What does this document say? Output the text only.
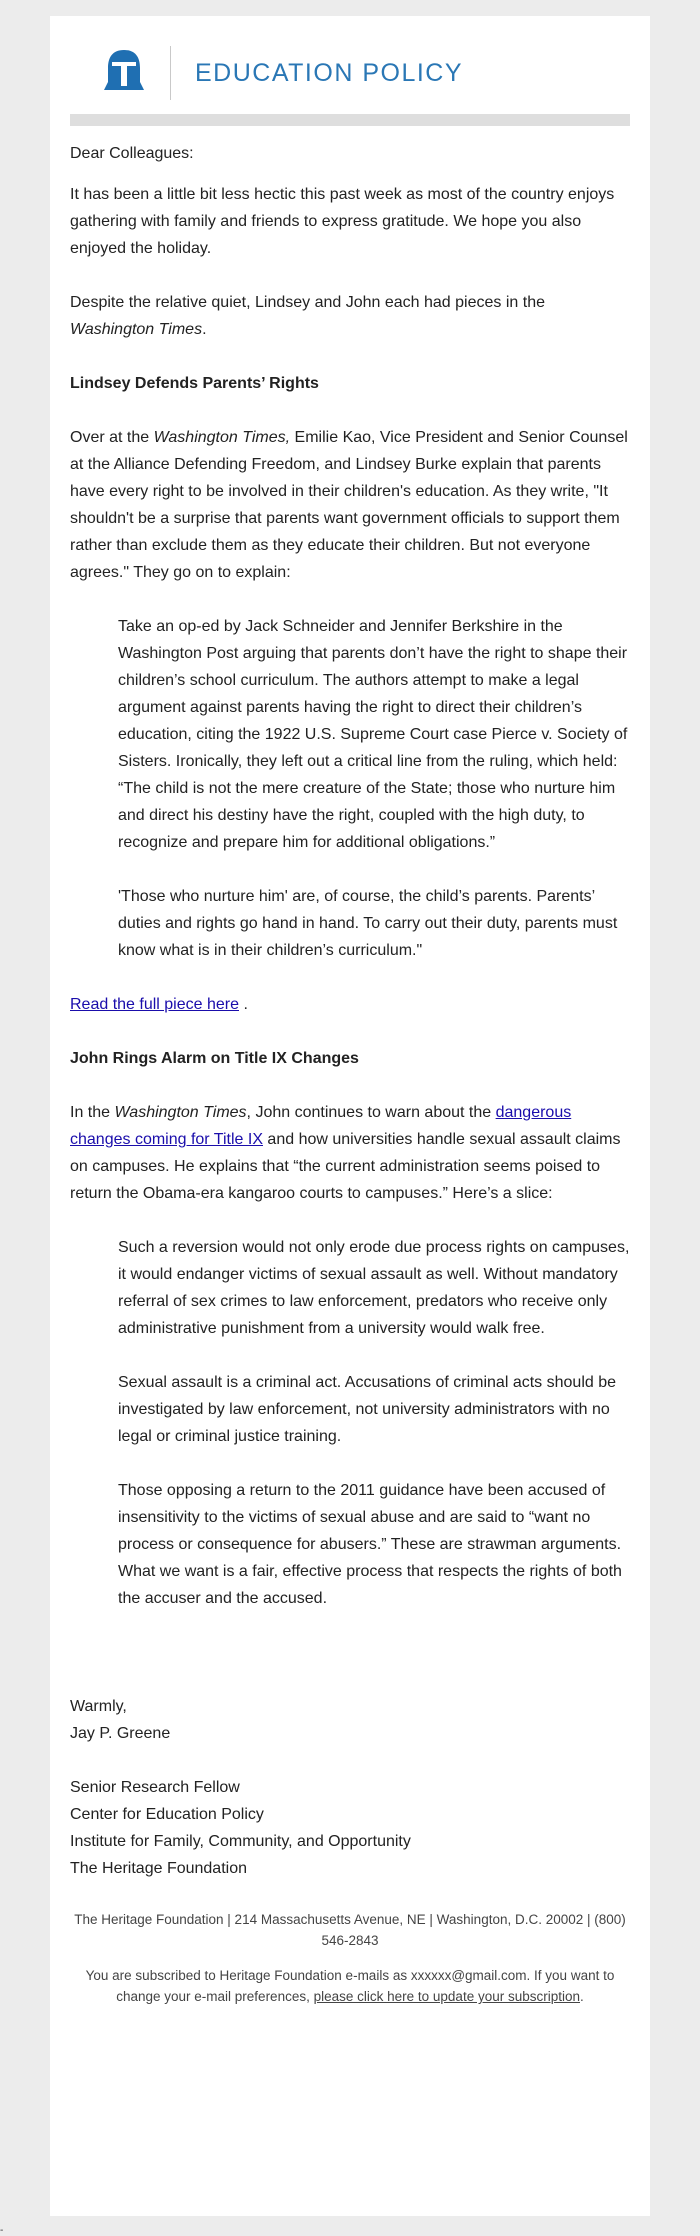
EDUCATION POLICY

Dear Colleagues:

It has been a little bit less hectic this past week as most of the country enjoys gathering with family and friends to express gratitude. We hope you also enjoyed the holiday.

Despite the relative quiet, Lindsey and John each had pieces in the Washington Times.

Lindsey Defends Parents’ Rights

Over at the Washington Times, Emilie Kao, Vice President and Senior Counsel at the Alliance Defending Freedom, and Lindsey Burke explain that parents have every right to be involved in their children's education. As they write, "It shouldn't be a surprise that parents want government officials to support them rather than exclude them as they educate their children. But not everyone agrees." They go on to explain:

Take an op-ed by Jack Schneider and Jennifer Berkshire in the Washington Post arguing that parents don’t have the right to shape their children’s school curriculum. The authors attempt to make a legal argument against parents having the right to direct their children’s education, citing the 1922 U.S. Supreme Court case Pierce v. Society of Sisters. Ironically, they left out a critical line from the ruling, which held: “The child is not the mere creature of the State; those who nurture him and direct his destiny have the right, coupled with the high duty, to recognize and prepare him for additional obligations.”

'Those who nurture him' are, of course, the child’s parents. Parents’ duties and rights go hand in hand. To carry out their duty, parents must know what is in their children’s curriculum."

Read the full piece here .

John Rings Alarm on Title IX Changes

In the Washington Times, John continues to warn about the dangerous changes coming for Title IX and how universities handle sexual assault claims on campuses. He explains that “the current administration seems poised to return the Obama-era kangaroo courts to campuses.” Here’s a slice:

Such a reversion would not only erode due process rights on campuses, it would endanger victims of sexual assault as well. Without mandatory referral of sex crimes to law enforcement, predators who receive only administrative punishment from a university would walk free.

Sexual assault is a criminal act. Accusations of criminal acts should be investigated by law enforcement, not university administrators with no legal or criminal justice training.

Those opposing a return to the 2011 guidance have been accused of insensitivity to the victims of sexual abuse and are said to “want no process or consequence for abusers.” These are strawman arguments. What we want is a fair, effective process that respects the rights of both the accuser and the accused.

Warmly,

Jay P. Greene

Senior Research Fellow

Center for Education Policy

Institute for Family, Community, and Opportunity

The Heritage Foundation

The Heritage Foundation | 214 Massachusetts Avenue, NE | Washington, D.C. 20002 | (800) 546-2843

You are subscribed to Heritage Foundation e-mails as xxxxxx@gmail.com. If you want to change your e-mail preferences, please click here to update your subscription.

-
